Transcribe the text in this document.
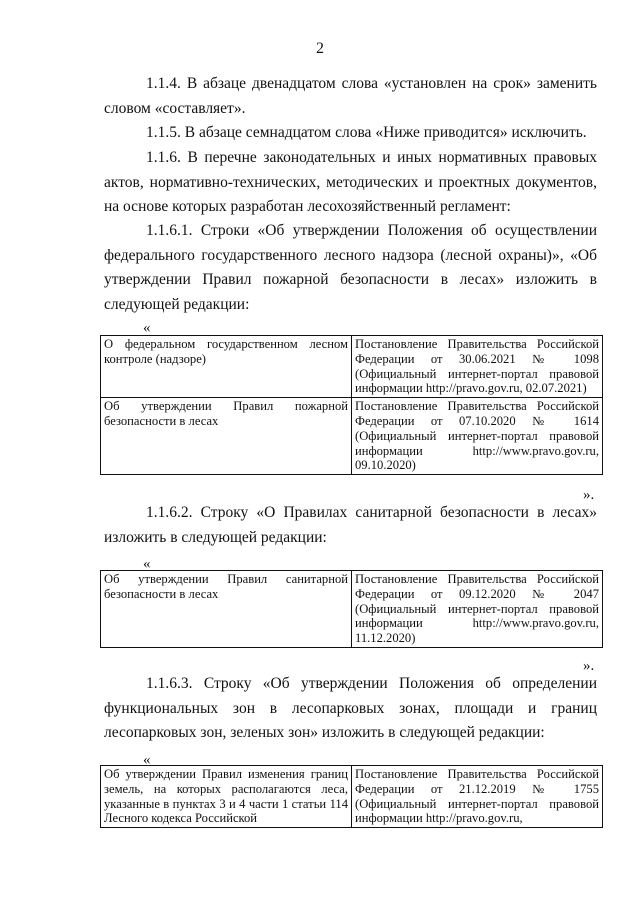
2

1.1.4. В абзаце двенадцатом слова «установлен на срок» заменить словом «составляет».

1.1.5. В абзаце семнадцатом слова «Ниже приводится» исключить.

1.1.6. В перечне законодательных и иных нормативных правовых актов, нормативно-технических, методических и проектных документов, на основе которых разработан лесохозяйственный регламент:

1.1.6.1. Строки «Об утверждении Положения об осуществлении федерального государственного лесного надзора (лесной охраны)», «Об утверждении Правил пожарной безопасности в лесах» изложить в следующей редакции:

«
О федеральном государственном лесном контроле (надзоре)	Постановление Правительства Российской Федерации от 30.06.2021 № 1098 (Официальный интернет-портал правовой информации http://pravo.gov.ru, 02.07.2021)
Об утверждении Правил пожарной безопасности в лесах	Постановление Правительства Российской Федерации от 07.10.2020 № 1614 (Официальный интернет-портал правовой информации http://www.pravo.gov.ru, 09.10.2020)
».

1.1.6.2. Строку «О Правилах санитарной безопасности в лесах» изложить в следующей редакции:

«
Об утверждении Правил санитарной безопасности в лесах	Постановление Правительства Российской Федерации от 09.12.2020 № 2047 (Официальный интернет-портал правовой информации http://www.pravo.gov.ru, 11.12.2020)
».

1.1.6.3. Строку «Об утверждении Положения об определении функциональных зон в лесопарковых зонах, площади и границ лесопарковых зон, зеленых зон» изложить в следующей редакции:

«
Об утверждении Правил изменения границ земель, на которых располагаются леса, указанные в пунктах 3 и 4 части 1 статьи 114 Лесного кодекса Российской	Постановление Правительства Российской Федерации от 21.12.2019 № 1755 (Официальный интернет-портал правовой информации http://pravo.gov.ru,
